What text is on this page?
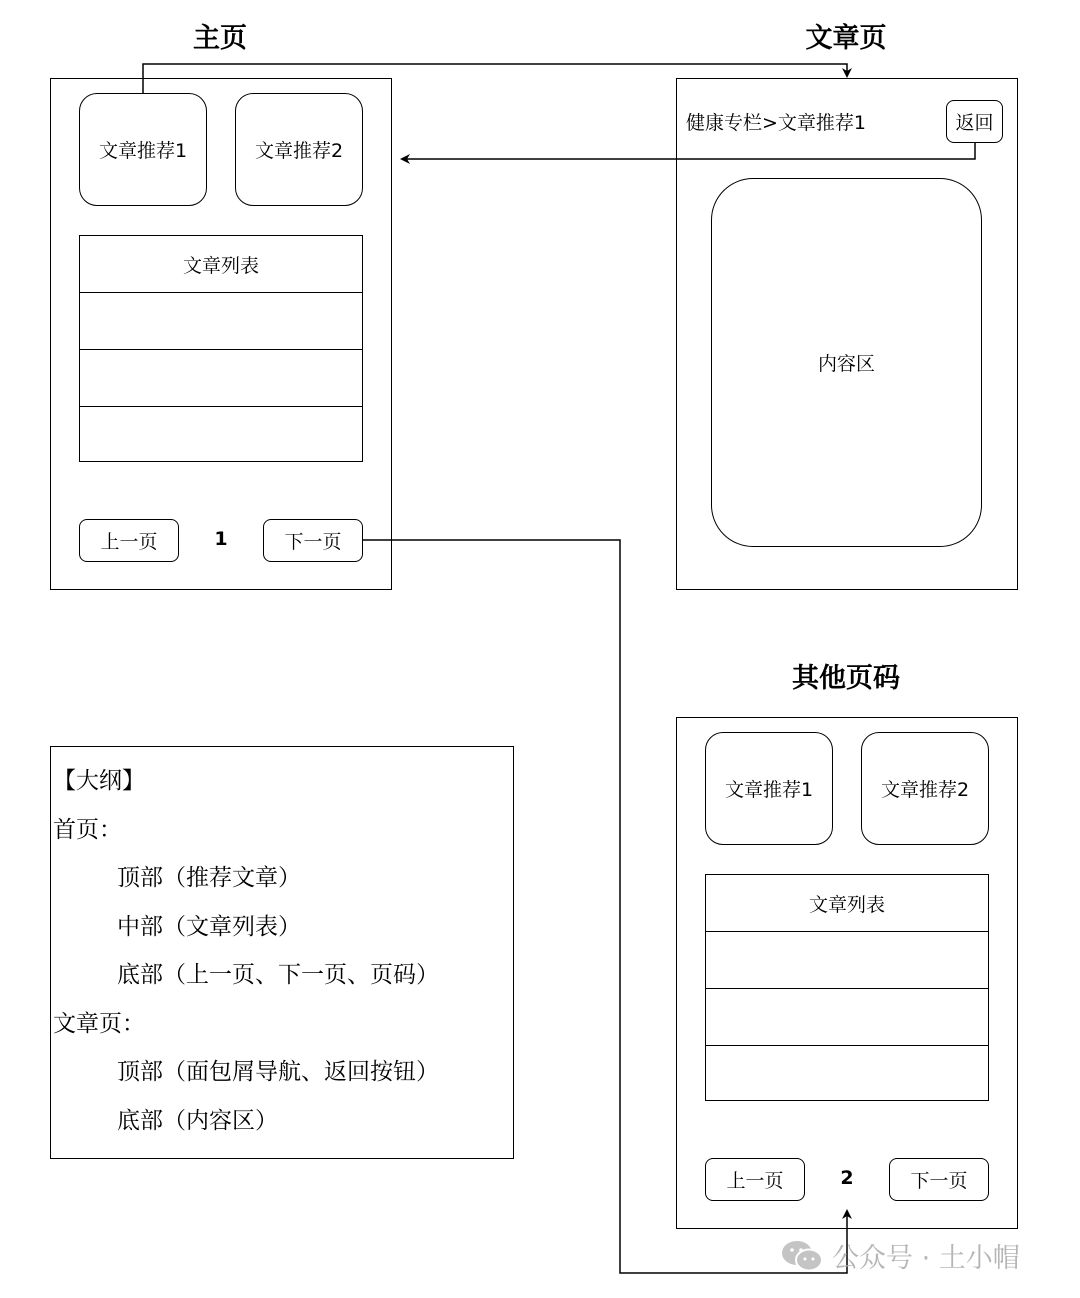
主页	文章页
其他页码
文章推荐1	文章推荐2
文章列表
上一页	1	下一页
健康专栏>文章推荐1	返回
内容区
文章推荐1	文章推荐2
文章列表
上一页	2	下一页
【大纲】
首页：
顶部（推荐文章）
中部（文章列表）
底部（上一页、下一页、页码）
文章页：
顶部（面包屑导航、返回按钮）
底部（内容区）
公众号 · 土小帽
